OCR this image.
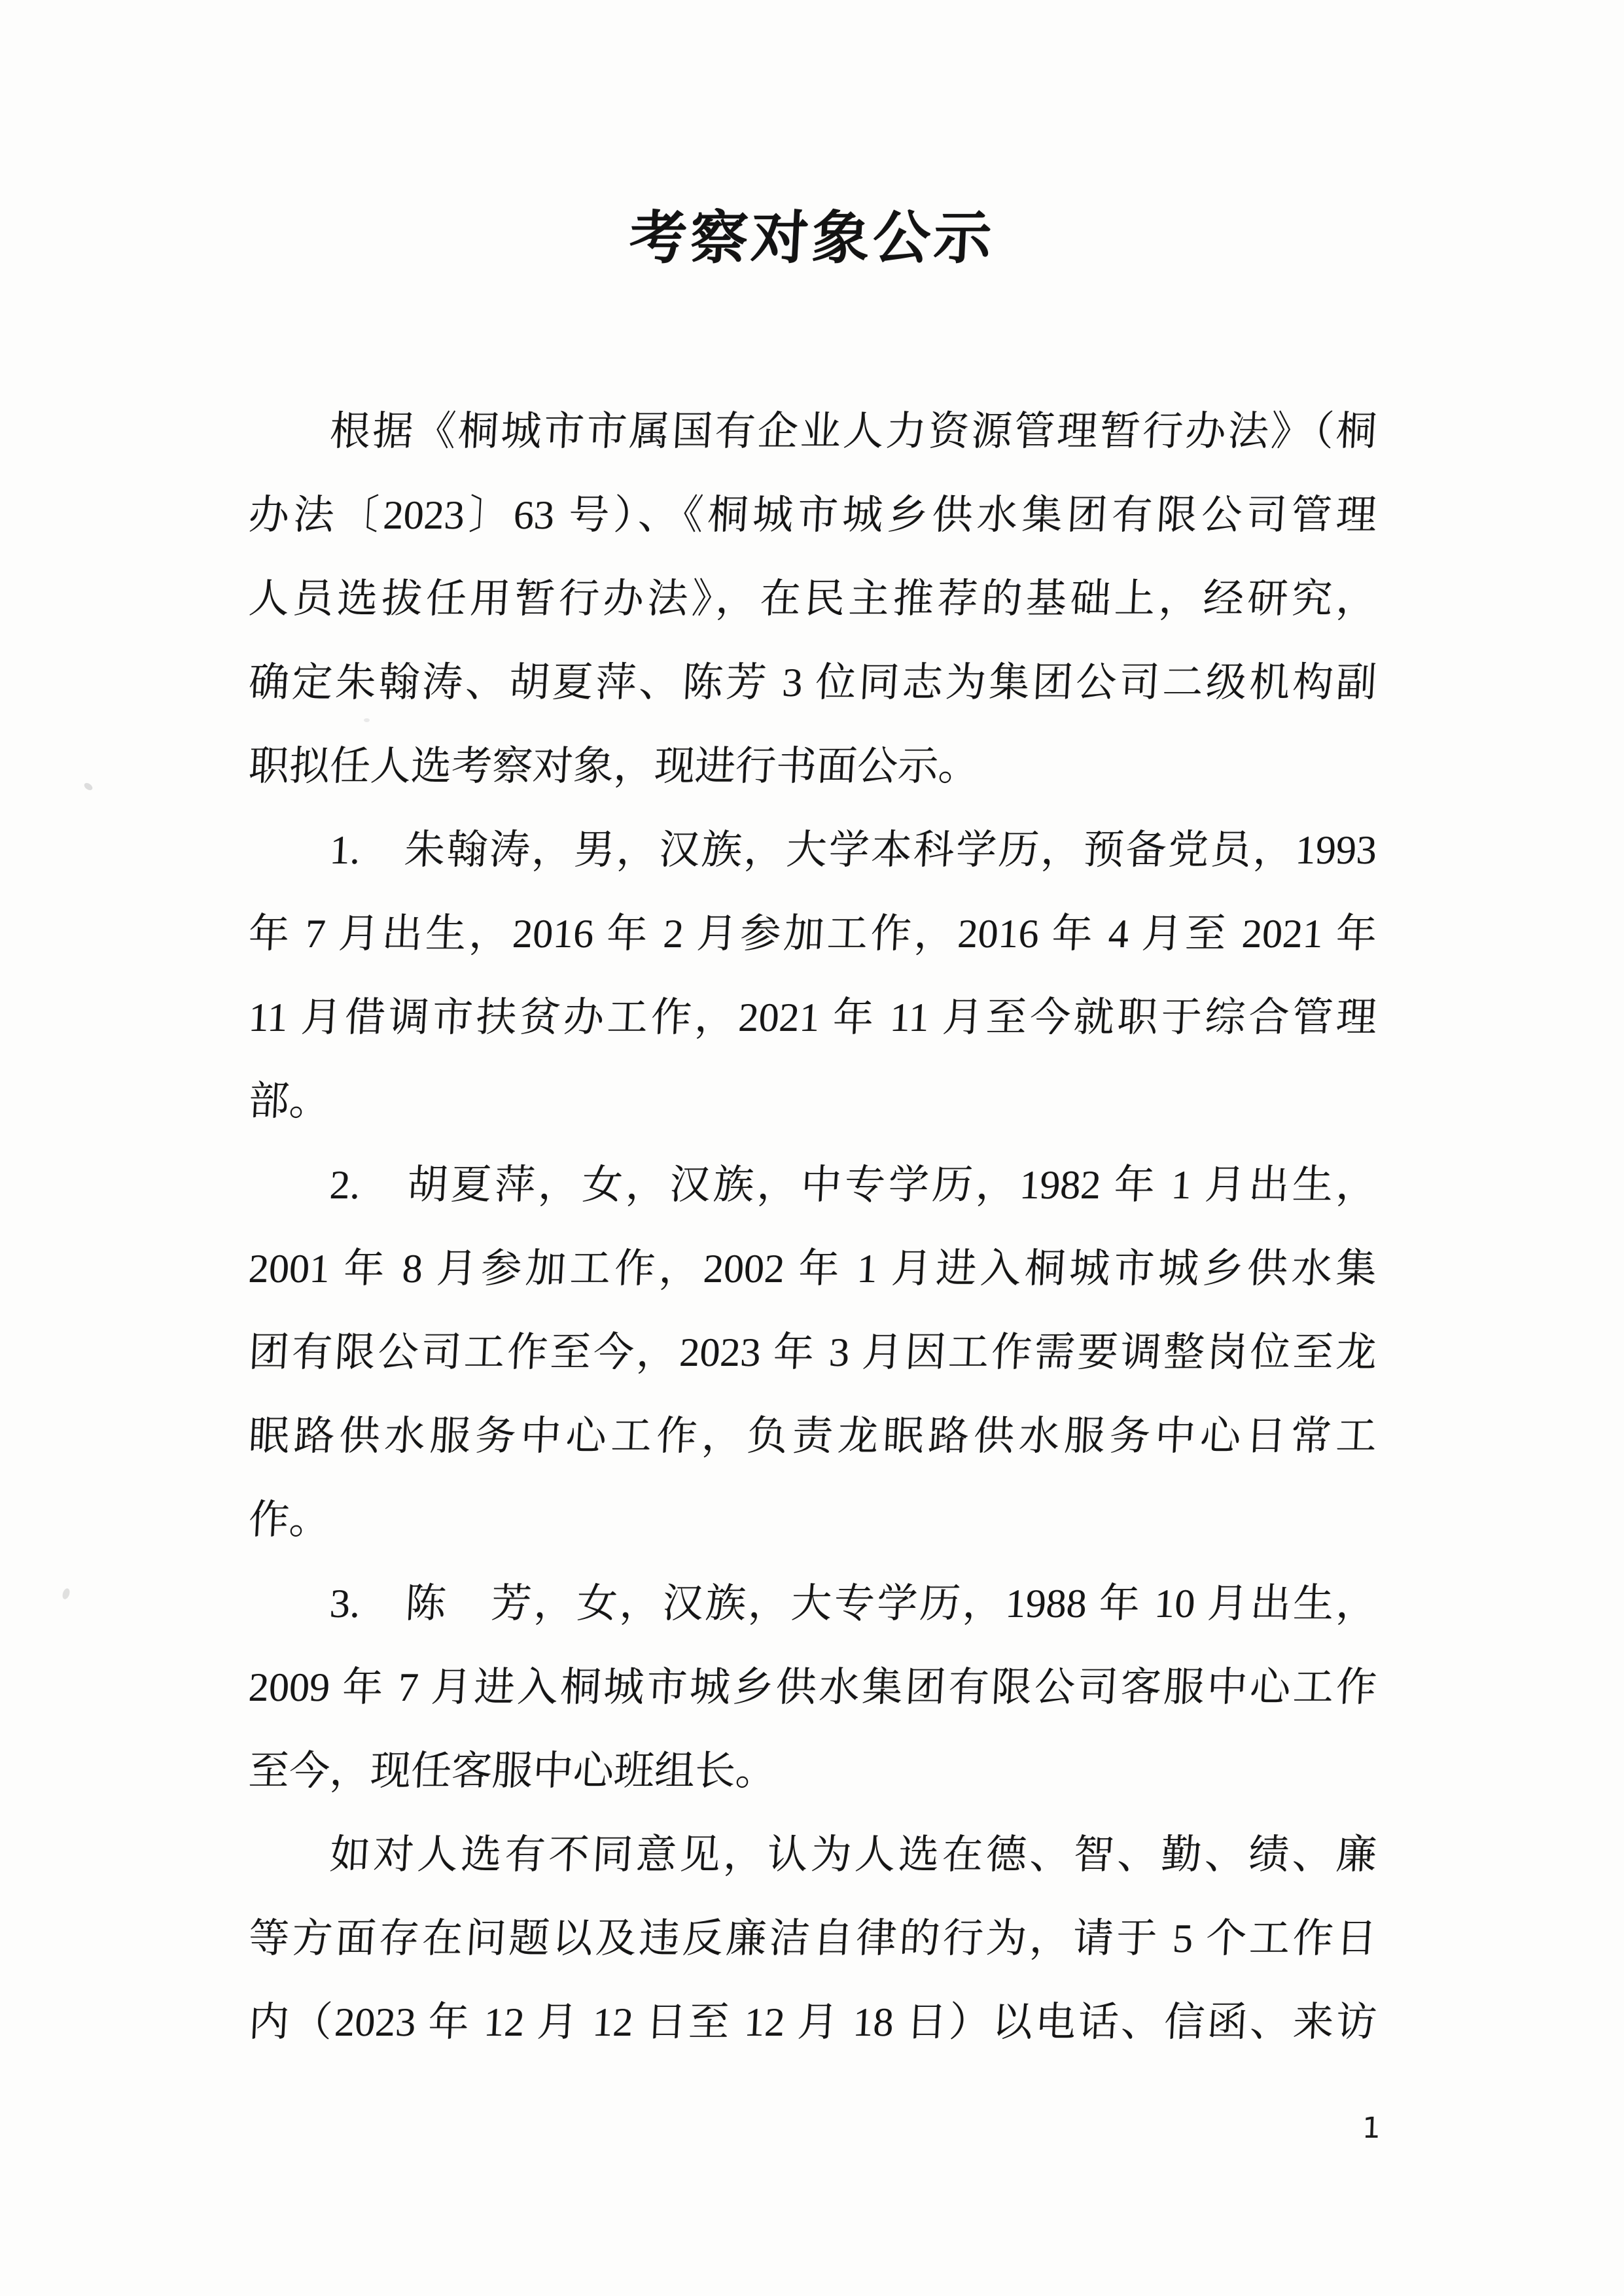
考察对象公示
根据《桐城市市属国有企业人力资源管理暂行办法》（桐
办法〔2023〕63 号）、《桐城市城乡供水集团有限公司管理
人员选拔任用暂行办法》，在民主推荐的基础上，经研究，
确定朱翰涛、胡夏萍、陈芳 3 位同志为集团公司二级机构副
职拟任人选考察对象，现进行书面公示。
1.　朱翰涛，男，汉族，大学本科学历，预备党员，1993
年 7 月出生，2016 年 2 月参加工作，2016 年 4 月至 2021 年
11 月借调市扶贫办工作，2021 年 11 月至今就职于综合管理
部。
2.　胡夏萍，女，汉族，中专学历，1982 年 1 月出生，
2001 年 8 月参加工作，2002 年 1 月进入桐城市城乡供水集
团有限公司工作至今，2023 年 3 月因工作需要调整岗位至龙
眠路供水服务中心工作，负责龙眠路供水服务中心日常工
作。
3.　陈　芳，女，汉族，大专学历，1988 年 10 月出生，
2009 年 7 月进入桐城市城乡供水集团有限公司客服中心工作
至今，现任客服中心班组长。
如对人选有不同意见，认为人选在德、智、勤、绩、廉
等方面存在问题以及违反廉洁自律的行为，请于 5 个工作日
内（2023 年 12 月 12 日至 12 月 18 日）以电话、信函、来访
1
